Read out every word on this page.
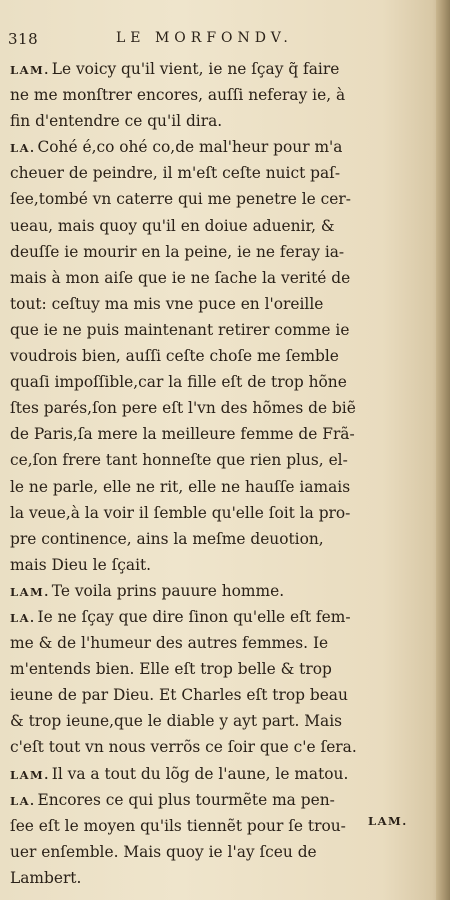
318	LE MORFONDV.
LAM. Le voicy qu'il vient, ie ne ſçay q̃ faire
ne me monſtrer encores, auſſi neferay ie, à
fin d'entendre ce qu'il dira.
LA. Cohé é,co ohé co,de mal'heur pour m'a
cheuer de peindre, il m'eſt ceſte nuict paſ-
ſee,tombé vn caterre qui me penetre le cer-
ueau, mais quoy qu'il en doiue aduenir, &
deuſſe ie mourir en la peine, ie ne feray ia-
mais à mon aiſe que ie ne ſache la verité de
tout: ceſtuy ma mis vne puce en l'oreille
que ie ne puis maintenant retirer comme ie
voudrois bien, auſſi ceſte choſe me ſemble
quaſi impoſſible,car la fille eſt de trop hõne
ſtes parés,ſon pere eſt l'vn des hõmes de biẽ
de Paris,ſa mere la meilleure femme de Frã-
ce,ſon frere tant honneſte que rien plus, el-
le ne parle, elle ne rit, elle ne hauſſe iamais
la veue,à la voir il ſemble qu'elle ſoit la pro-
pre continence, ains la meſme deuotion,
mais Dieu le ſçait.
LAM. Te voila prins pauure homme.
LA. Ie ne ſçay que dire ſinon qu'elle eſt fem-
me & de l'humeur des autres femmes. Ie
m'entends bien. Elle eſt trop belle & trop
ieune de par Dieu. Et Charles eſt trop beau
& trop ieune,que le diable y ayt part. Mais
c'eſt tout vn nous verrõs ce ſoir que c'e ſera.
LAM. Il va a tout du lõg de l'aune, le matou.
LA. Encores ce qui plus tourmẽte ma pen-
ſee eſt le moyen qu'ils tiennẽt pour ſe trou-
uer enſemble. Mais quoy ie l'ay ſceu de
Lambert.
LAM.
